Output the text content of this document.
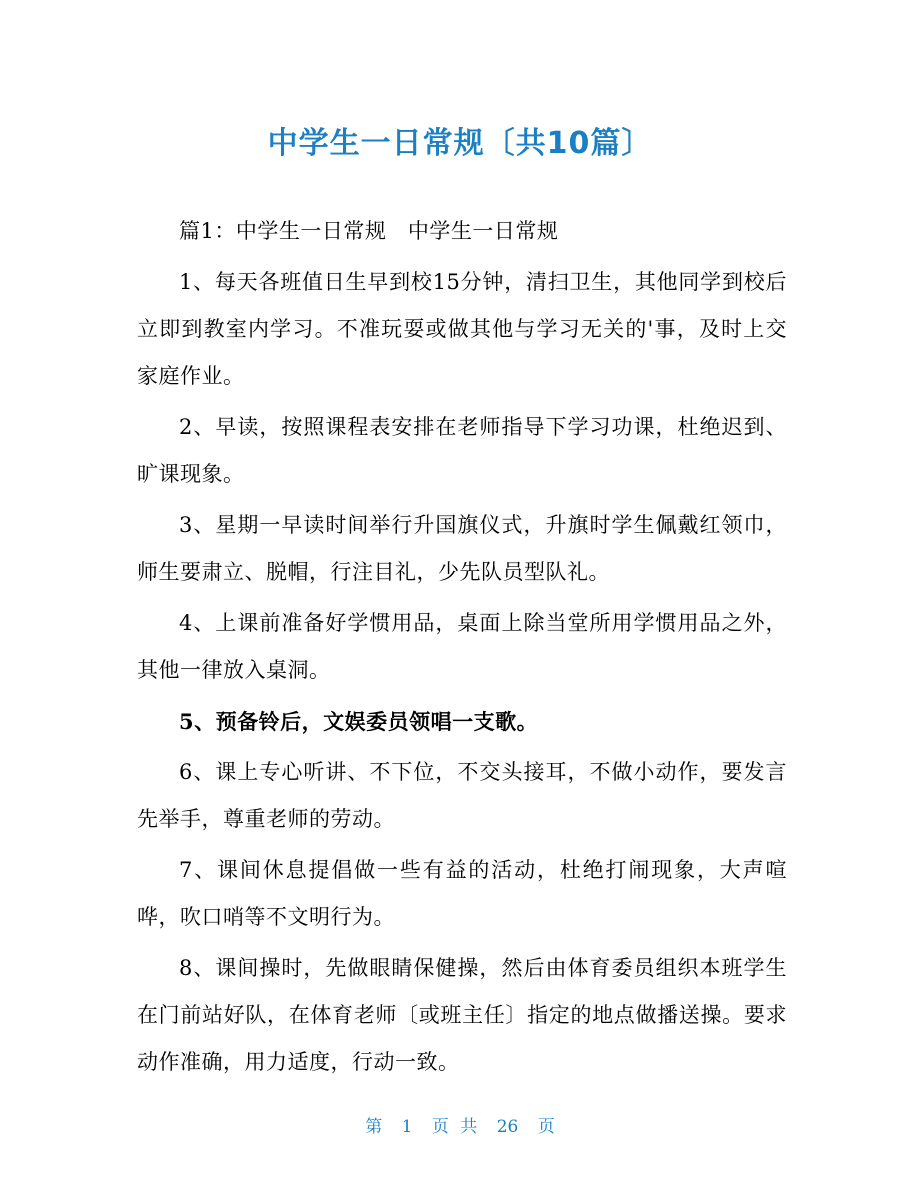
中学生一日常规〔共10篇〕

篇1：中学生一日常规　中学生一日常规

1、每天各班值日生早到校15分钟，清扫卫生，其他同学到校后立即到教室内学习。不准玩耍或做其他与学习无关的'事，及时上交家庭作业。

2、早读，按照课程表安排在老师指导下学习功课，杜绝迟到、旷课现象。

3、星期一早读时间举行升国旗仪式，升旗时学生佩戴红领巾，师生要肃立、脱帽，行注目礼，少先队员型队礼。

4、上课前准备好学惯用品，桌面上除当堂所用学惯用品之外，其他一律放入桌洞。

5、预备铃后，文娱委员领唱一支歌。

6、课上专心听讲、不下位，不交头接耳，不做小动作，要发言先举手，尊重老师的劳动。

7、课间休息提倡做一些有益的活动，杜绝打闹现象，大声喧哗，吹口哨等不文明行为。

8、课间操时，先做眼睛保健操，然后由体育委员组织本班学生在门前站好队，在体育老师〔或班主任〕指定的地点做播送操。要求动作准确，用力适度，行动一致。

第 1 页 共 26 页
